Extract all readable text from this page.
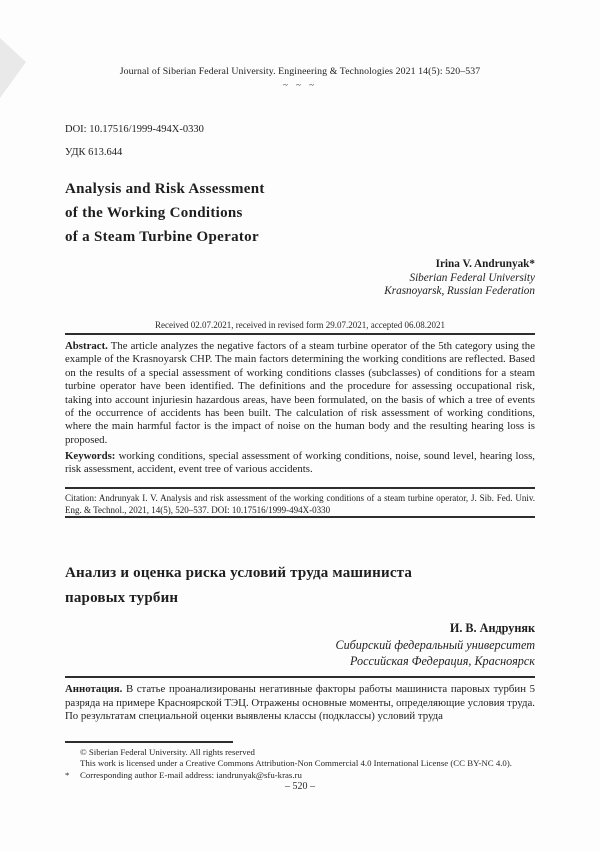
Journal of Siberian Federal University. Engineering & Technologies 2021 14(5): 520–537
~ ~ ~
DOI: 10.17516/1999-494X-0330
УДК 613.644
Analysis and Risk Assessment
of the Working Conditions
of a Steam Turbine Operator
Irina V. Andrunyak*
Siberian Federal University
Krasnoyarsk, Russian Federation
Received 02.07.2021, received in revised form 29.07.2021, accepted 06.08.2021

Abstract. The article analyzes the negative factors of a steam turbine operator of the 5th category using the example of the Krasnoyarsk CHP. The main factors determining the working conditions are reflected. Based on the results of a special assessment of working conditions classes (subclasses) of conditions for a steam turbine operator have been identified. The definitions and the procedure for assessing occupational risk, taking into account injuriesin hazardous areas, have been formulated, on the basis of which a tree of events of the occurrence of accidents has been built. The calculation of risk assessment of working conditions, where the main harmful factor is the impact of noise on the human body and the resulting hearing loss is proposed.

Keywords: working conditions, special assessment of working conditions, noise, sound level, hearing loss, risk assessment, accident, event tree of various accidents.

Citation: Andrunyak I. V. Analysis and risk assessment of the working conditions of a steam turbine operator, J. Sib. Fed. Univ. Eng. & Technol., 2021, 14(5), 520–537. DOI: 10.17516/1999-494X-0330

Анализ и оценка риска условий труда машиниста
паровых турбин
И. В. Андруняк
Сибирский федеральный университет
Российская Федерация, Красноярск

Аннотация. В статье проанализированы негативные факторы работы машиниста паровых турбин 5 разряда на примере Красноярской ТЭЦ. Отражены основные моменты, определяющие условия труда. По результатам специальной оценки выявлены классы (подклассы) условий труда

© Siberian Federal University. All rights reserved
This work is licensed under a Creative Commons Attribution-Non Commercial 4.0 International License (CC BY-NC 4.0).
*	Corresponding author E-mail address: iandrunyak@sfu-kras.ru
– 520 –
